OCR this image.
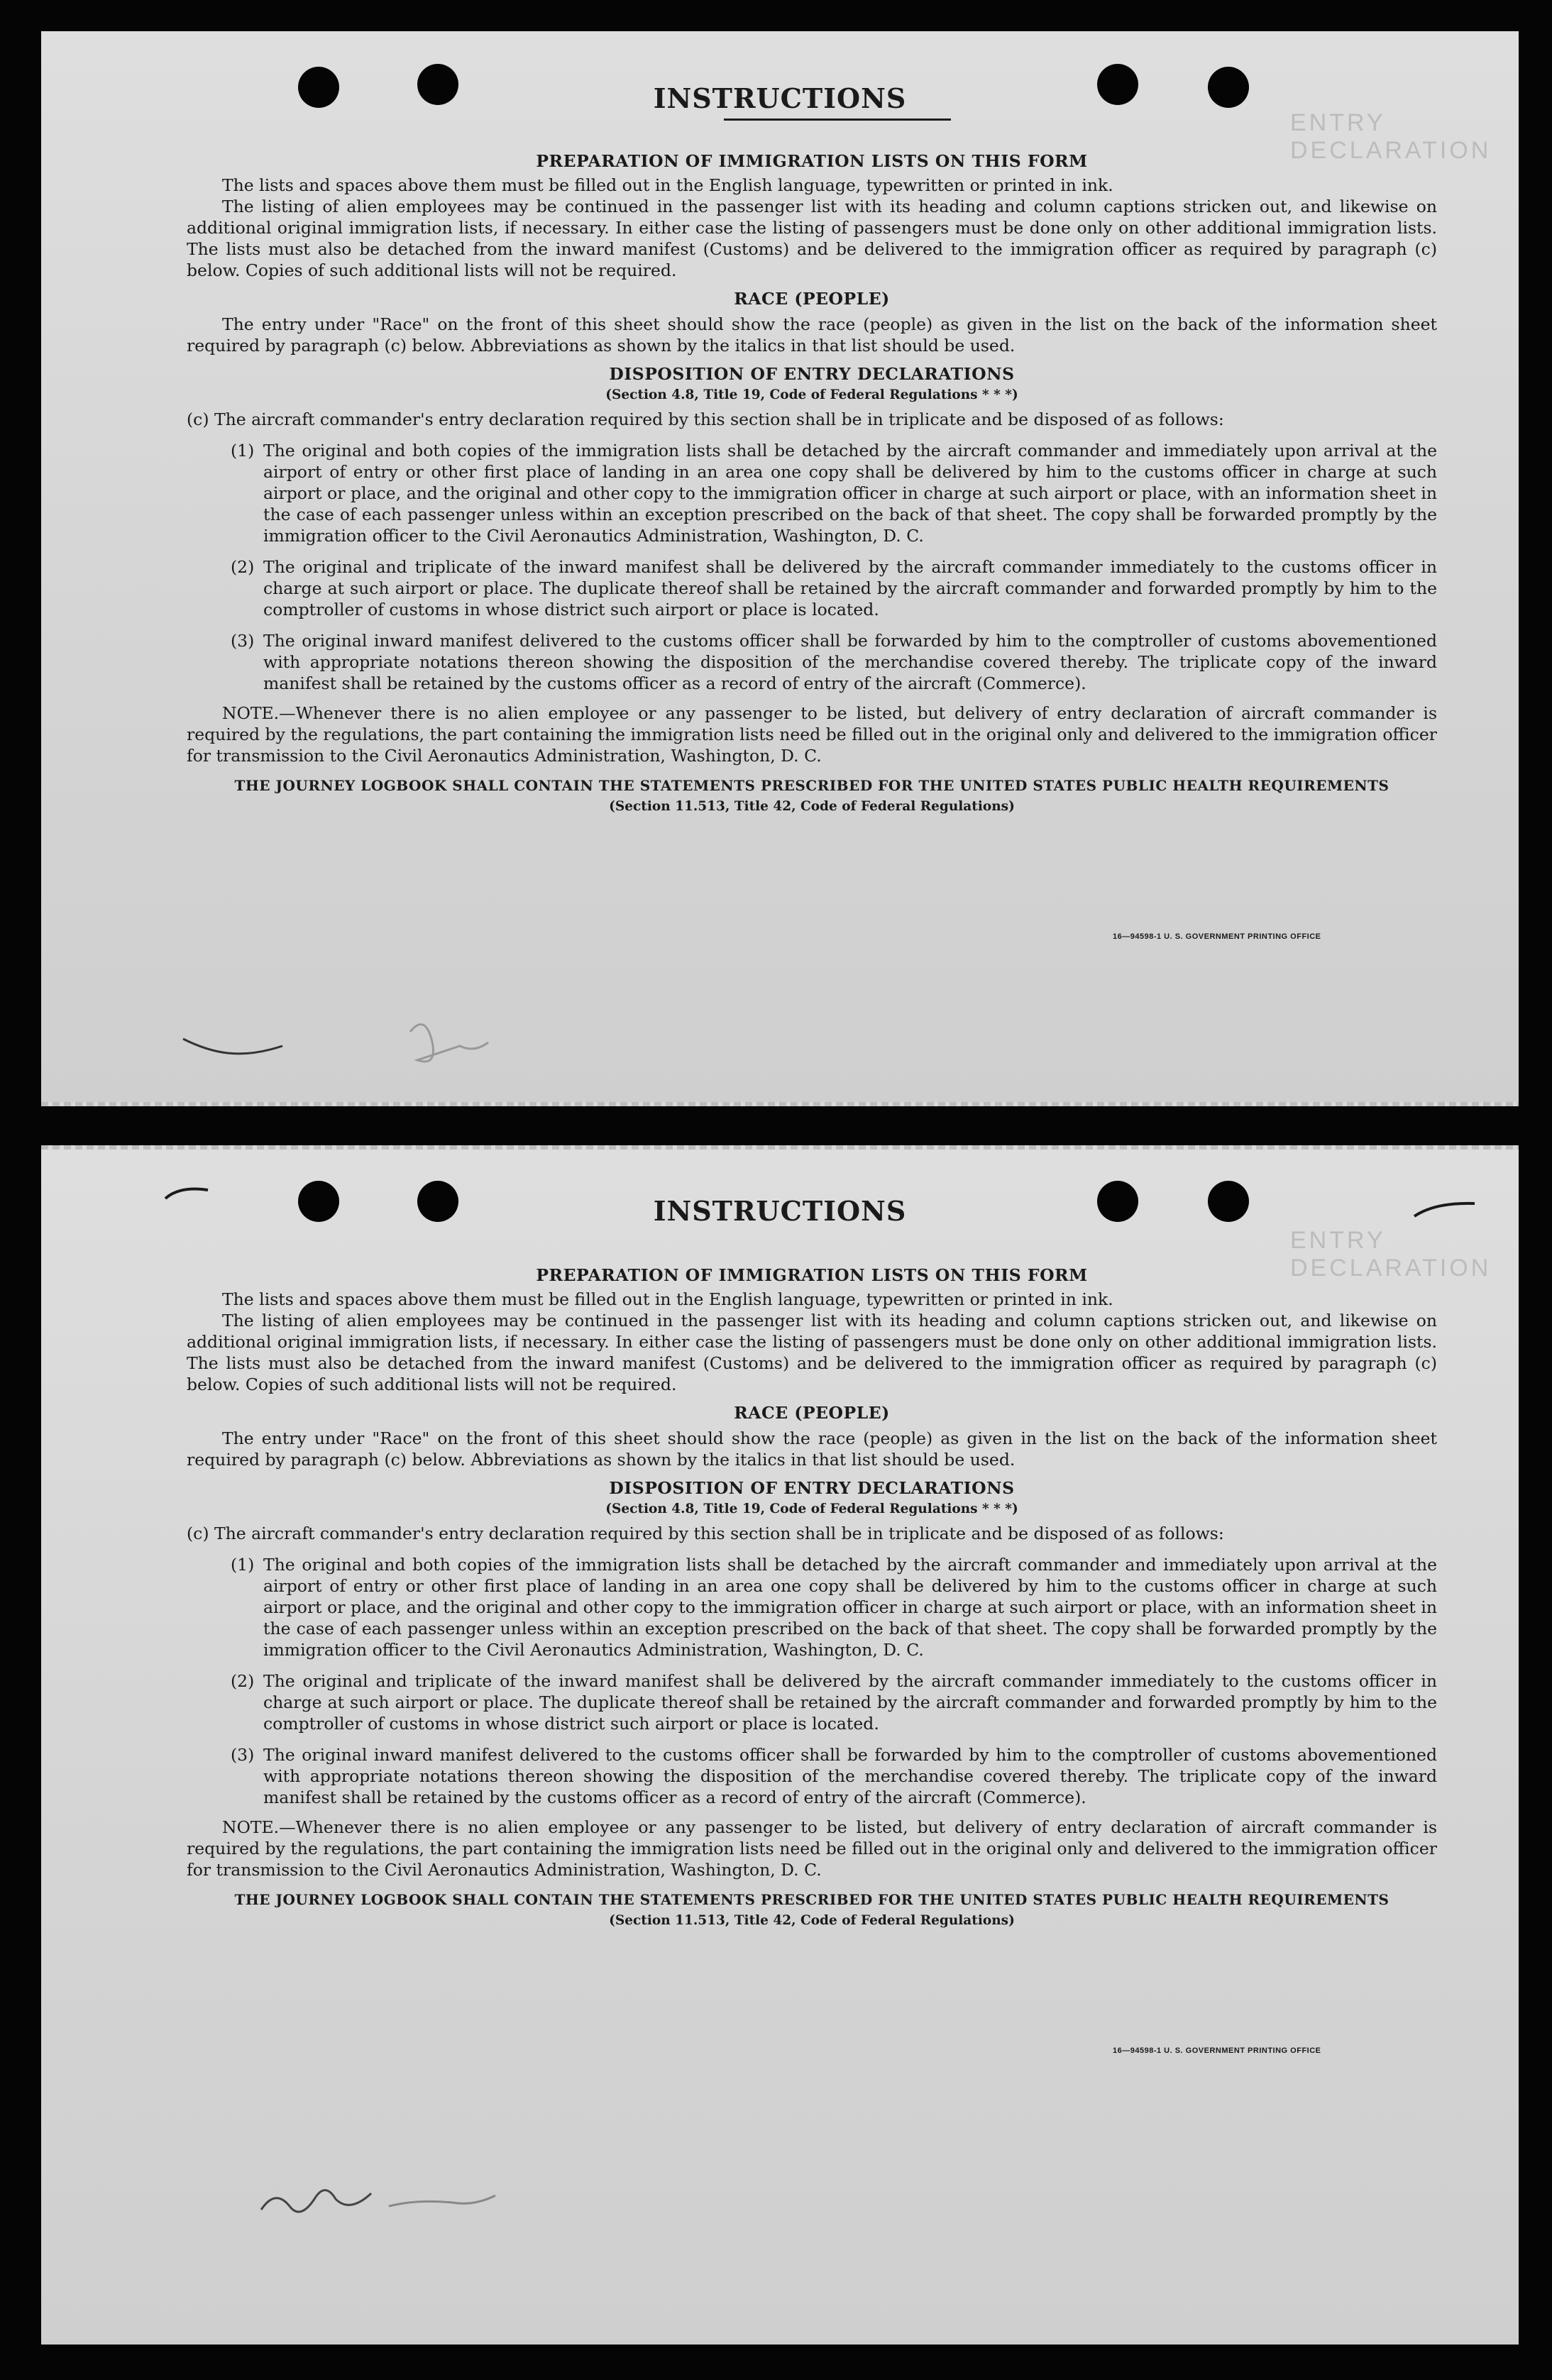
ENTRY DECLARATION
INSTRUCTIONS

PREPARATION OF IMMIGRATION LISTS ON THIS FORM

The lists and spaces above them must be filled out in the English language, typewritten or printed in ink.

The listing of alien employees may be continued in the passenger list with its heading and column captions stricken out, and likewise on additional original immigration lists, if necessary. In either case the listing of passengers must be done only on other additional immigration lists. The lists must also be detached from the inward manifest (Customs) and be delivered to the immigration officer as required by paragraph (c) below. Copies of such additional lists will not be required.

RACE (PEOPLE)

The entry under "Race" on the front of this sheet should show the race (people) as given in the list on the back of the information sheet required by paragraph (c) below. Abbreviations as shown by the italics in that list should be used.

DISPOSITION OF ENTRY DECLARATIONS

(Section 4.8, Title 19, Code of Federal Regulations * * *)

(c) The aircraft commander's entry declaration required by this section shall be in triplicate and be disposed of as follows:

(1) The original and both copies of the immigration lists shall be detached by the aircraft commander and immediately upon arrival at the airport of entry or other first place of landing in an area one copy shall be delivered by him to the customs officer in charge at such airport or place, and the original and other copy to the immigration officer in charge at such airport or place, with an information sheet in the case of each passenger unless within an exception prescribed on the back of that sheet. The copy shall be forwarded promptly by the immigration officer to the Civil Aeronautics Administration, Washington, D. C.
(2) The original and triplicate of the inward manifest shall be delivered by the aircraft commander immediately to the customs officer in charge at such airport or place. The duplicate thereof shall be retained by the aircraft commander and forwarded promptly by him to the comptroller of customs in whose district such airport or place is located.
(3) The original inward manifest delivered to the customs officer shall be forwarded by him to the comptroller of customs abovementioned with appropriate notations thereon showing the disposition of the merchandise covered thereby. The triplicate copy of the inward manifest shall be retained by the customs officer as a record of entry of the aircraft (Commerce).

NOTE.—Whenever there is no alien employee or any passenger to be listed, but delivery of entry declaration of aircraft commander is required by the regulations, the part containing the immigration lists need be filled out in the original only and delivered to the immigration officer for transmission to the Civil Aeronautics Administration, Washington, D. C.

THE JOURNEY LOGBOOK SHALL CONTAIN THE STATEMENTS PRESCRIBED FOR THE UNITED STATES PUBLIC HEALTH REQUIREMENTS

(Section 11.513, Title 42, Code of Federal Regulations)

16—94598-1 U. S. GOVERNMENT PRINTING OFFICE
ENTRY DECLARATION
INSTRUCTIONS

PREPARATION OF IMMIGRATION LISTS ON THIS FORM

The lists and spaces above them must be filled out in the English language, typewritten or printed in ink.

The listing of alien employees may be continued in the passenger list with its heading and column captions stricken out, and likewise on additional original immigration lists, if necessary. In either case the listing of passengers must be done only on other additional immigration lists. The lists must also be detached from the inward manifest (Customs) and be delivered to the immigration officer as required by paragraph (c) below. Copies of such additional lists will not be required.

RACE (PEOPLE)

The entry under "Race" on the front of this sheet should show the race (people) as given in the list on the back of the information sheet required by paragraph (c) below. Abbreviations as shown by the italics in that list should be used.

DISPOSITION OF ENTRY DECLARATIONS

(Section 4.8, Title 19, Code of Federal Regulations * * *)

(c) The aircraft commander's entry declaration required by this section shall be in triplicate and be disposed of as follows:

(1) The original and both copies of the immigration lists shall be detached by the aircraft commander and immediately upon arrival at the airport of entry or other first place of landing in an area one copy shall be delivered by him to the customs officer in charge at such airport or place, and the original and other copy to the immigration officer in charge at such airport or place, with an information sheet in the case of each passenger unless within an exception prescribed on the back of that sheet. The copy shall be forwarded promptly by the immigration officer to the Civil Aeronautics Administration, Washington, D. C.
(2) The original and triplicate of the inward manifest shall be delivered by the aircraft commander immediately to the customs officer in charge at such airport or place. The duplicate thereof shall be retained by the aircraft commander and forwarded promptly by him to the comptroller of customs in whose district such airport or place is located.
(3) The original inward manifest delivered to the customs officer shall be forwarded by him to the comptroller of customs abovementioned with appropriate notations thereon showing the disposition of the merchandise covered thereby. The triplicate copy of the inward manifest shall be retained by the customs officer as a record of entry of the aircraft (Commerce).

NOTE.—Whenever there is no alien employee or any passenger to be listed, but delivery of entry declaration of aircraft commander is required by the regulations, the part containing the immigration lists need be filled out in the original only and delivered to the immigration officer for transmission to the Civil Aeronautics Administration, Washington, D. C.

THE JOURNEY LOGBOOK SHALL CONTAIN THE STATEMENTS PRESCRIBED FOR THE UNITED STATES PUBLIC HEALTH REQUIREMENTS

(Section 11.513, Title 42, Code of Federal Regulations)

16—94598-1 U. S. GOVERNMENT PRINTING OFFICE
